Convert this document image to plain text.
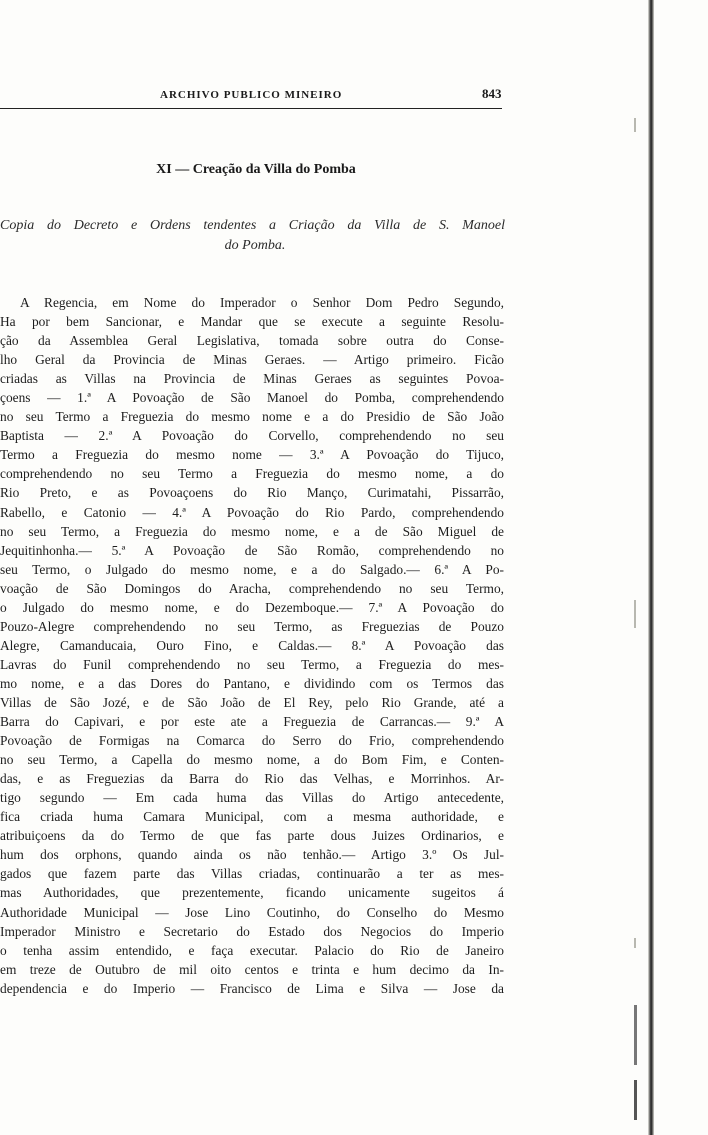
ARCHIVO PUBLICO MINEIRO	843
XI — Creação da Villa do Pomba
Copia do Decreto e Ordens tendentes a Criação da Villa de S. Manoel
do Pomba.
A Regencia, em Nome do Imperador o Senhor Dom Pedro Segundo,
Ha por bem Sancionar, e Mandar que se execute a seguinte Resolu-
ção da Assemblea Geral Legislativa, tomada sobre outra do Conse-
lho Geral da Provincia de Minas Geraes. — Artigo primeiro. Ficão
criadas as Villas na Provincia de Minas Geraes as seguintes Povoa-
çoens — 1.ª A Povoação de São Manoel do Pomba, comprehendendo
no seu Termo a Freguezia do mesmo nome e a do Presidio de São João
Baptista — 2.ª A Povoação do Corvello, comprehendendo no seu
Termo a Freguezia do mesmo nome — 3.ª A Povoação do Tijuco,
comprehendendo no seu Termo a Freguezia do mesmo nome, a do
Rio Preto, e as Povoaçoens do Rio Manço, Curimatahi, Pissarrão,
Rabello, e Catonio — 4.ª A Povoação do Rio Pardo, comprehendendo
no seu Termo, a Freguezia do mesmo nome, e a de São Miguel de
Jequitinhonha.— 5.ª A Povoação de São Romão, comprehendendo no
seu Termo, o Julgado do mesmo nome, e a do Salgado.— 6.ª A Po-
voação de São Domingos do Aracha, comprehendendo no seu Termo,
o Julgado do mesmo nome, e do Dezemboque.— 7.ª A Povoação do
Pouzo-Alegre comprehendendo no seu Termo, as Freguezias de Pouzo
Alegre, Camanducaia, Ouro Fino, e Caldas.— 8.ª A Povoação das
Lavras do Funil comprehendendo no seu Termo, a Freguezia do mes-
mo nome, e a das Dores do Pantano, e dividindo com os Termos das
Villas de São Jozé, e de São João de El Rey, pelo Rio Grande, até a
Barra do Capivari, e por este ate a Freguezia de Carrancas.— 9.ª A
Povoação de Formigas na Comarca do Serro do Frio, comprehendendo
no seu Termo, a Capella do mesmo nome, a do Bom Fim, e Conten-
das, e as Freguezias da Barra do Rio das Velhas, e Morrinhos. Ar-
tigo segundo — Em cada huma das Villas do Artigo antecedente,
fica criada huma Camara Municipal, com a mesma authoridade, e
atribuiçoens da do Termo de que fas parte dous Juizes Ordinarios, e
hum dos orphons, quando ainda os não tenhão.— Artigo 3.º Os Jul-
gados que fazem parte das Villas criadas, continuarão a ter as mes-
mas Authoridades, que prezentemente, ficando unicamente sugeitos á
Authoridade Municipal — Jose Lino Coutinho, do Conselho do Mesmo
Imperador Ministro e Secretario do Estado dos Negocios do Imperio
o tenha assim entendido, e faça executar. Palacio do Rio de Janeiro
em treze de Outubro de mil oito centos e trinta e hum decimo da In-
dependencia e do Imperio — Francisco de Lima e Silva — Jose da
